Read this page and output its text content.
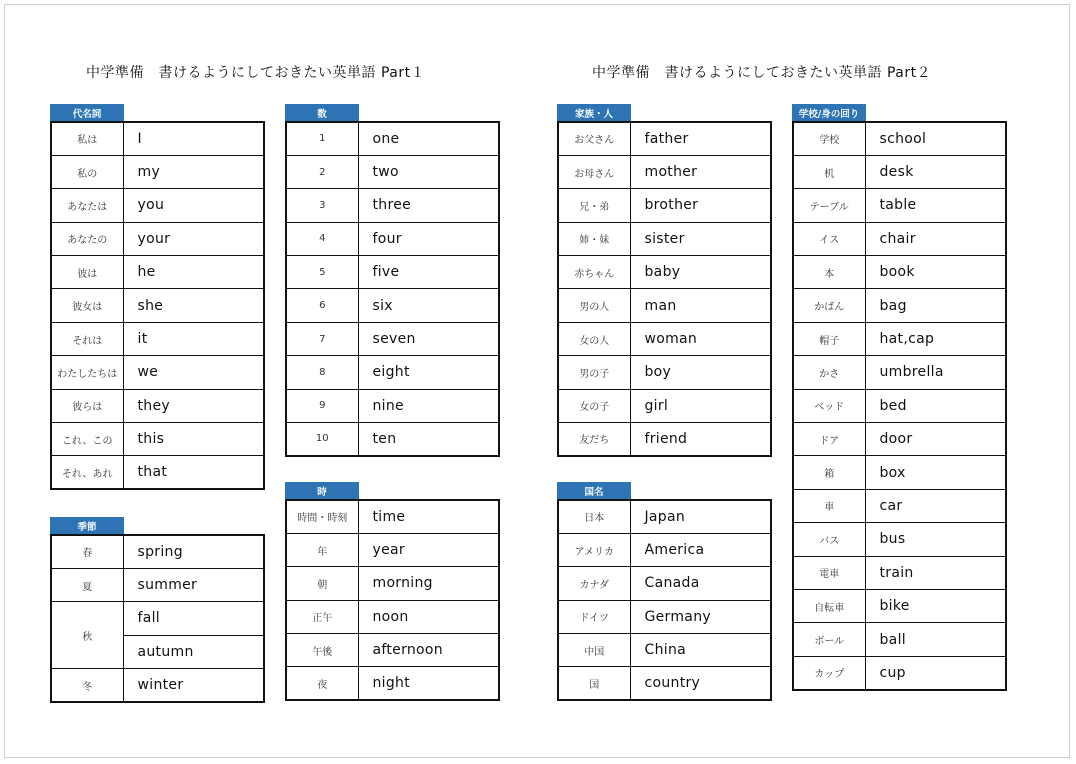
中学準備　書けるようにしておきたい英単語 Part１	中学準備　書けるようにしておきたい英単語 Part２
代名詞
私は	I
私の	my
あなたは	you
あなたの	your
彼は	he
彼女は	she
それは	it
わたしたちは	we
彼らは	they
これ、この	this
それ、あれ	that
季節
春	spring
夏	summer
秋	fall
	autumn
冬	winter
数
1	one
2	two
3	three
4	four
5	five
6	six
7	seven
8	eight
9	nine
10	ten
時
時間・時刻	time
年	year
朝	morning
正午	noon
午後	afternoon
夜	night
家族・人
お父さん	father
お母さん	mother
兄・弟	brother
姉・妹	sister
赤ちゃん	baby
男の人	man
女の人	woman
男の子	boy
女の子	girl
友だち	friend
国名
日本	Japan
アメリカ	America
カナダ	Canada
ドイツ	Germany
中国	China
国	country
学校/身の回り
学校	school
机	desk
テーブル	table
イス	chair
本	book
かばん	bag
帽子	hat,cap
かさ	umbrella
ベッド	bed
ドア	door
箱	box
車	car
バス	bus
電車	train
自転車	bike
ボール	ball
カップ	cup
